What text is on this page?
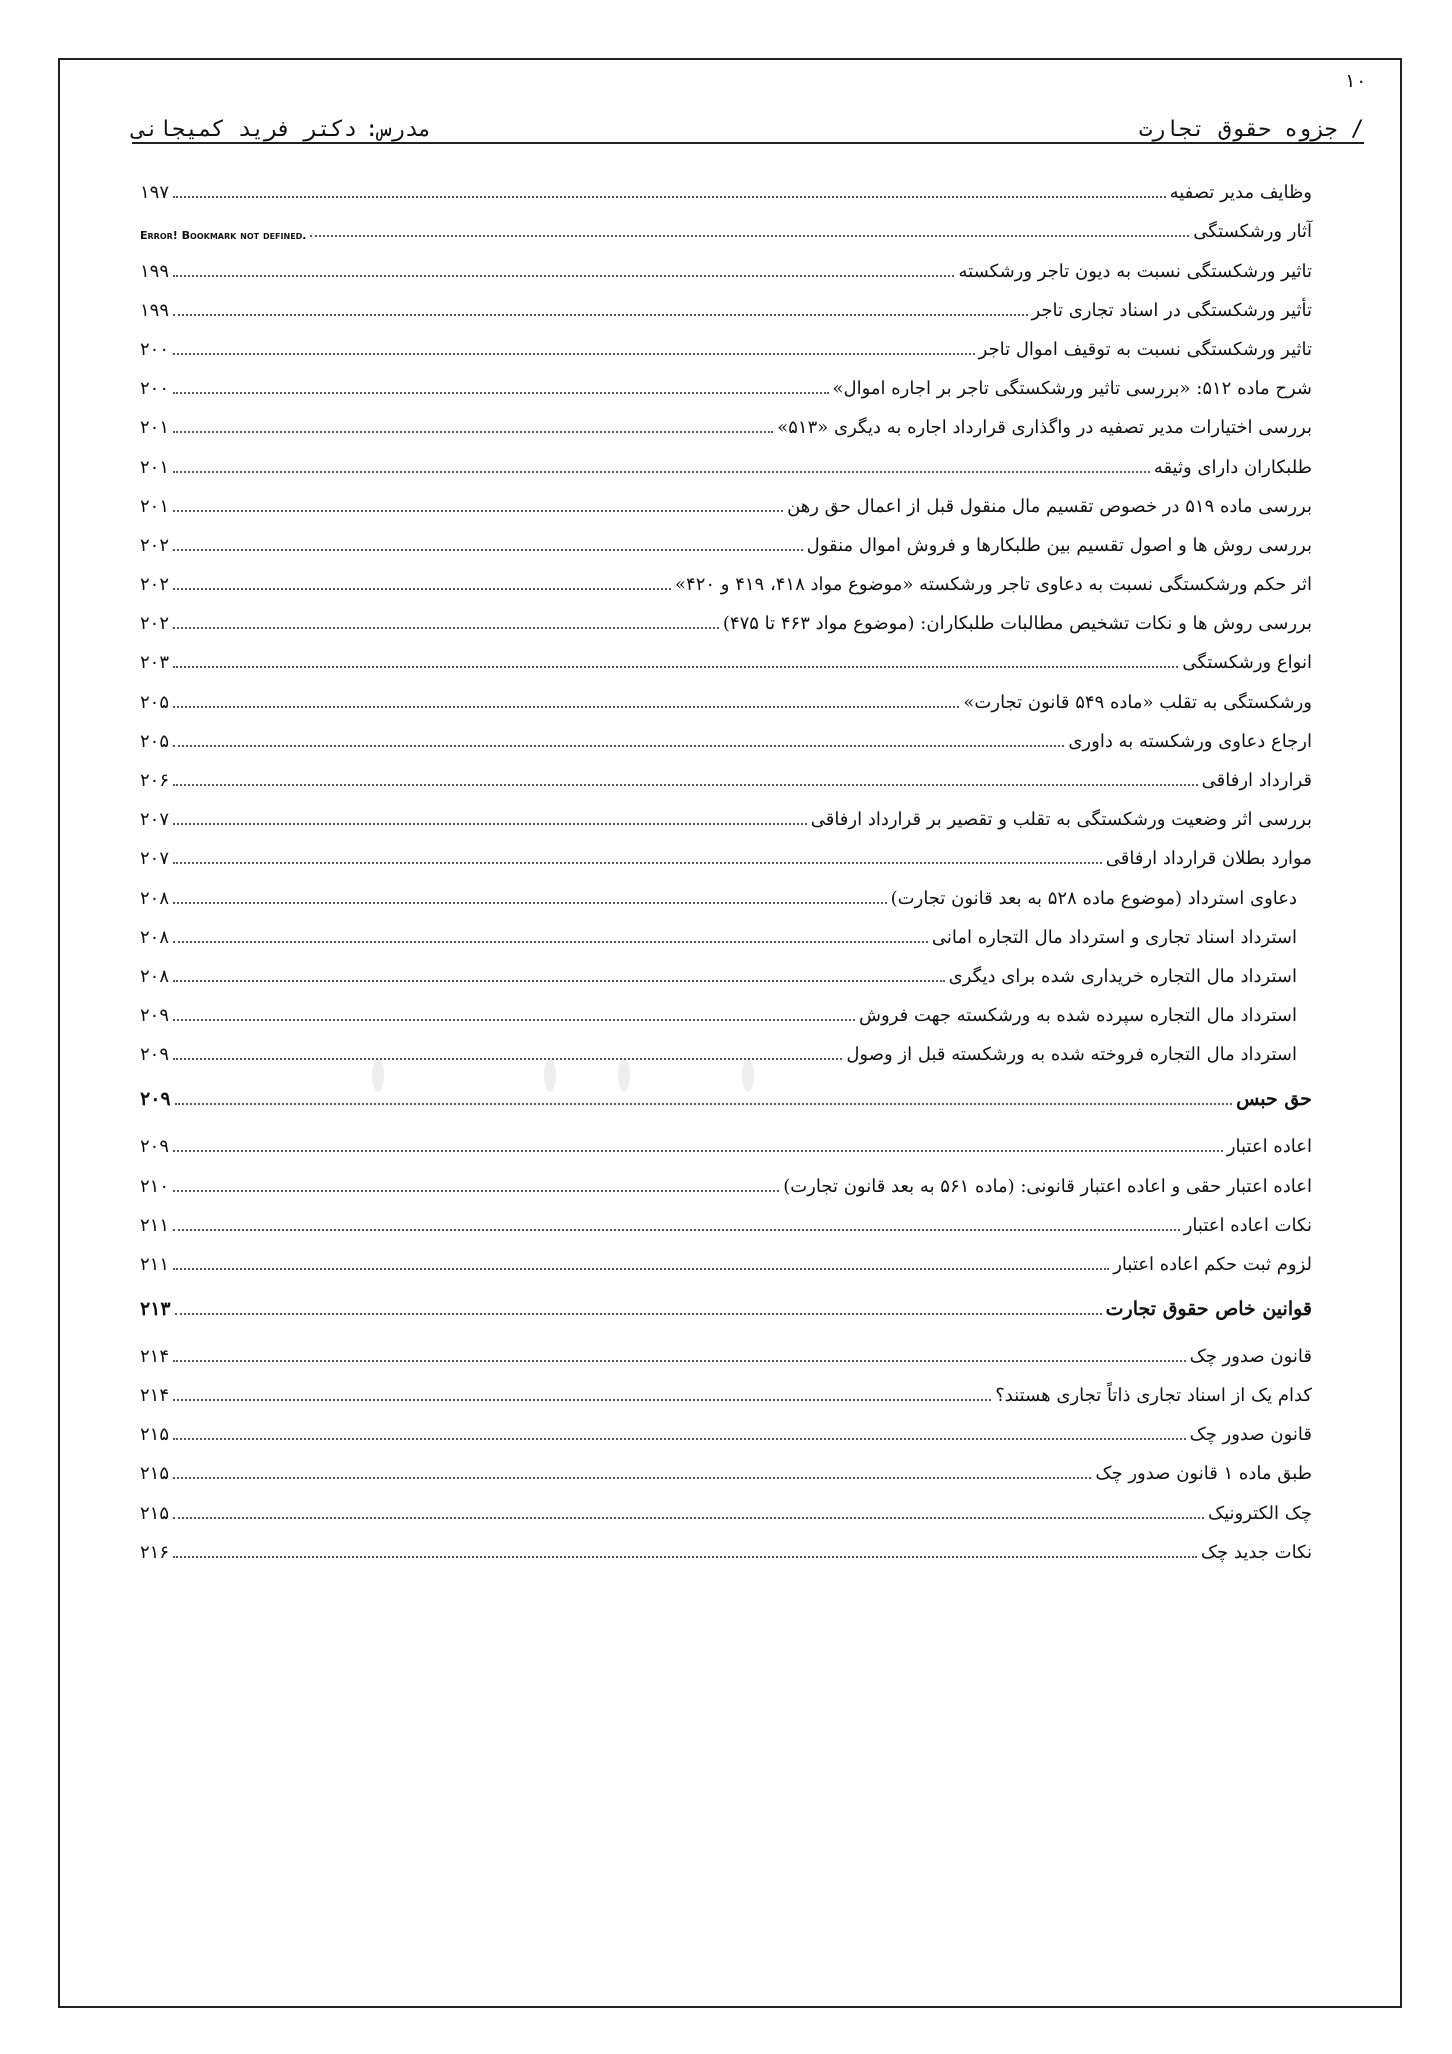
١٠
دکتر فرید کمیجانی مدرس:	/ جزوه حقوق تجارت
وظایف مدیر تصفیه
۱۹۷
آثار ورشکستگی
Error! Bookmark not defined.
تاثیر ورشکستگی نسبت به دیون تاجر ورشکسته
۱۹۹
تأثیر ورشکستگی در اسناد تجاری تاجر
۱۹۹
تاثیر ورشکستگی نسبت به توقیف اموال تاجر
۲۰۰
شرح ماده ۵۱۲: «بررسی تاثیر ورشکستگی تاجر بر اجاره اموال»
۲۰۰
بررسی اختیارات مدیر تصفیه در واگذاری قرارداد اجاره به دیگری «۵۱۳»
۲۰۱
طلبکاران دارای وثیقه
۲۰۱
بررسی ماده ۵۱۹ در خصوص تقسیم مال منقول قبل از اعمال حق رهن
۲۰۱
بررسی روش ها و اصول تقسیم بین طلبکارها و فروش اموال منقول
۲۰۲
اثر حکم ورشکستگی نسبت به دعاوی تاجر ورشکسته «موضوع مواد ۴۱۸، ۴۱۹ و ۴۲۰»
۲۰۲
بررسی روش ها و نکات تشخیص مطالبات طلبکاران: (موضوع مواد ۴۶۳ تا ۴۷۵)
۲۰۲
انواع ورشکستگی
۲۰۳
ورشکستگی به تقلب «ماده ۵۴۹ قانون تجارت»
۲۰۵
ارجاع دعاوی ورشکسته به داوری
۲۰۵
قرارداد ارفاقی
۲۰۶
بررسی اثر وضعیت ورشکستگی به تقلب و تقصیر بر قرارداد ارفاقی
۲۰۷
موارد بطلان قرارداد ارفاقی
۲۰۷
دعاوی استرداد (موضوع ماده ۵۲۸ به بعد قانون تجارت)
۲۰۸
استرداد اسناد تجاری و استرداد مال التجاره امانی
۲۰۸
استرداد مال التجاره خریداری شده برای دیگری
۲۰۸
استرداد مال التجاره سپرده شده به ورشکسته جهت فروش
۲۰۹
استرداد مال التجاره فروخته شده به ورشکسته قبل از وصول
۲۰۹
حق حبس
۲۰۹
اعاده اعتبار
۲۰۹
اعاده اعتبار حقی و اعاده اعتبار قانونی: (ماده ۵۶۱ به بعد قانون تجارت)
۲۱۰
نکات اعاده اعتبار
۲۱۱
لزوم ثبت حکم اعاده اعتبار
۲۱۱
قوانین خاص حقوق تجارت
۲۱۳
قانون صدور چک
۲۱۴
کدام یک از اسناد تجاری ذاتاً تجاری هستند؟
۲۱۴
قانون صدور چک
۲۱۵
طبق ماده ۱ قانون صدور چک
۲۱۵
چک الکترونیک
۲۱۵
نکات جدید چک
۲۱۶
